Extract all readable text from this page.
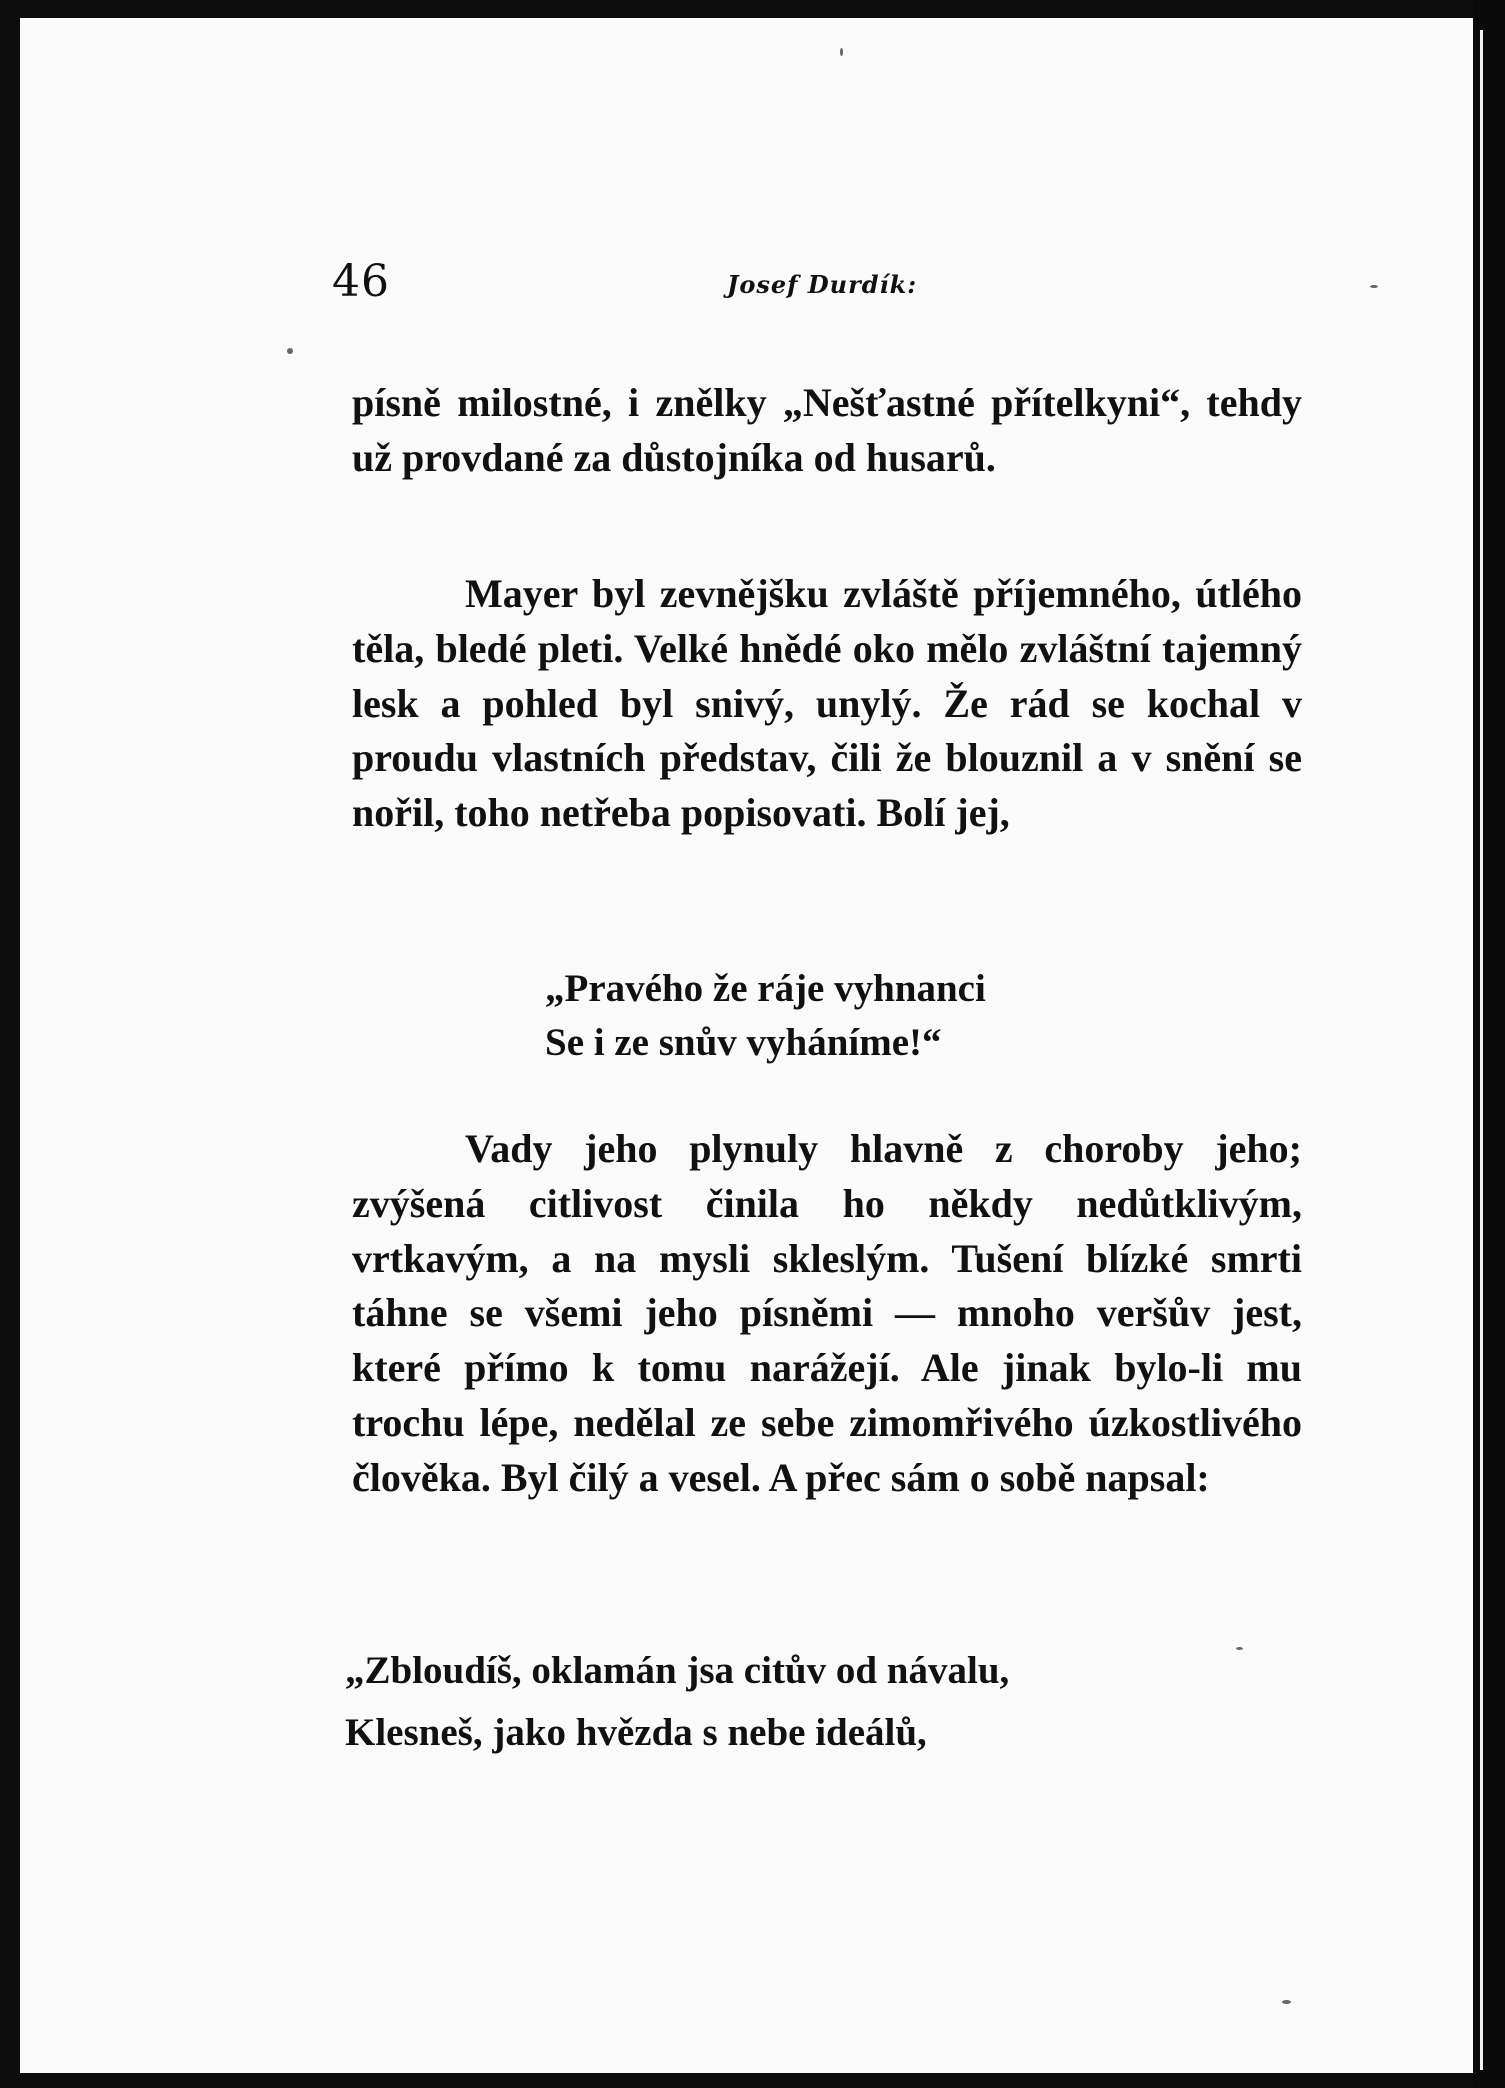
46	Josef Durdík:

písně milostné, i znělky „Nešťastné přítelkyni“, tehdy už provdané za důstojníka od husarů.

Mayer byl zevnějšku zvláště příjemného, útlého těla, bledé pleti. Velké hnědé oko mělo zvláštní tajemný lesk a pohled byl snivý, unylý. Že rád se kochal v proudu vlastních představ, čili že blouznil a v snění se nořil, toho netřeba popisovati. Bolí jej,

„Pravého že ráje vyhnanci
Se i ze snův vyháníme!“

Vady jeho plynuly hlavně z choroby jeho; zvýšená citlivost činila ho někdy nedůtklivým, vrtkavým, a na mysli skleslým. Tušení blízké smrti táhne se všemi jeho písněmi — mnoho veršův jest, které přímo k tomu narážejí. Ale jinak bylo-li mu trochu lépe, nedělal ze sebe zimomřivého úzkostlivého člověka. Byl čilý a vesel. A přec sám o sobě napsal:

„Zbloudíš, oklamán jsa citův od návalu,
Klesneš, jako hvězda s nebe ideálů,
